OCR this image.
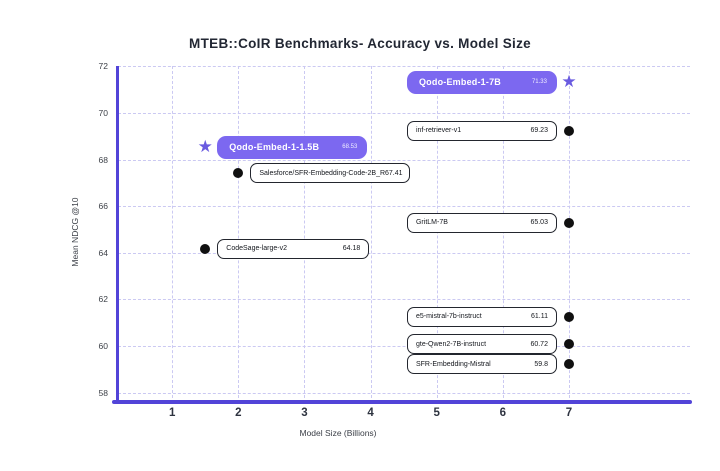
MTEB::CoIR Benchmarks- Accuracy vs. Model Size
Mean NDCG @10
Model Size (Billions)
58
60
62
64
66
68
70
72
1	2	3	4	5	6	7
Qodo-Embed-1-7B	71.33 ★
inf-retriever-v1	69.23
Qodo-Embed-1-1.5B	68.53
★
Salesforce/SFR-Embedding-Code-2B_R 67.41
GritLM-7B	65.03
CodeSage-large-v2	64.18
e5-mistral-7b-instruct	61.11
gte-Qwen2-7B-instruct	60.72
SFR-Embedding-Mistral	59.8
